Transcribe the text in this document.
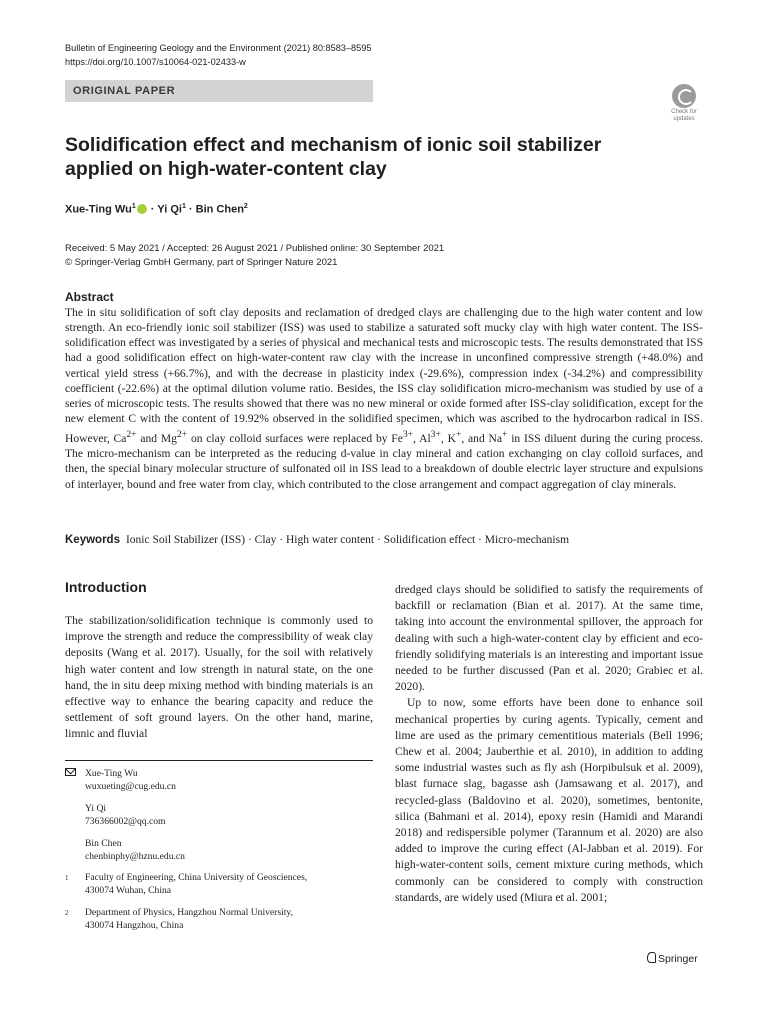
Bulletin of Engineering Geology and the Environment (2021) 80:8583–8595
https://doi.org/10.1007/s10064-021-02433-w
ORIGINAL PAPER
Check for
updates
Solidification effect and mechanism of ionic soil stabilizer applied on high-water-content clay
Xue-Ting $Wu^1 \cdot Yi$ $Qi^1$ · Bin Chen$^2$
Received: 5 May 2021 / Accepted: 26 August 2021 / Published online: 30 September 2021
© Springer-Verlag GmbH Germany, part of Springer Nature 2021
Abstract

The in situ solidification of soft clay deposits and reclamation of dredged clays are challenging due to the high water content and low strength. An eco-friendly ionic soil stabilizer (ISS) was used to stabilize a saturated soft mucky clay with high water content. The ISS-solidification effect was investigated by a series of physical and mechanical tests and microscopic tests. The results demonstrated that ISS had a good solidification effect on high-water-content raw clay with the increase in unconfined compressive strength (+48.0%) and vertical yield stress (+66.7%), and with the decrease in plasticity index (-29.6%), compression index (-34.2%) and compressibility coefficient (-22.6%) at the optimal dilution volume ratio. Besides, the ISS clay solidification micro-mechanism was studied by use of a series of microscopic tests. The results showed that there was no new mineral or oxide formed after ISS-clay solidification, except for the new element C with the content of 19.92% observed in the solidified specimen, which was ascribed to the hydrocarbon radical in ISS. However, $Ca^{2+}$ and $Mg^{2+}$ on clay colloid surfaces were replaced by $Fe^{3+}$, $Al^{3+}$, K+, and Na+ in ISS diluent during the curing process. The micro-mechanism can be interpreted as the reducing d-value in clay mineral and cation exchanging on clay colloid surfaces, and then, the special binary molecular structure of sulfonated oil in ISS lead to a breakdown of double electric layer structure and expulsions of interlayer, bound and free water from clay, which contributed to the close arrangement and compact aggregation of clay minerals.

Keywords Ionic Soil Stabilizer (ISS) · Clay · High water content · Solidification effect · Micro-mechanism
Introduction

The stabilization/solidification technique is commonly used to improve the strength and reduce the compressibility of weak clay deposits (Wang et al. 2017). Usually, for the soil with relatively high water content and low strength in natural state, on the one hand, the in situ deep mixing method with binding materials is an effective way to enhance the bearing capacity and reduce the settlement of soft ground layers. On the other hand, marine, limnic and fluvial

dredged clays should be solidified to satisfy the requirements of backfill or reclamation (Bian et al. 2017). At the same time, taking into account the environmental spillover, the approach for dealing with such a high-water-content clay by efficient and eco-friendly solidifying materials is an interesting and important issue needed to be further discussed (Pan et al. 2020; Grabiec et al. 2020).

Up to now, some efforts have been done to enhance soil mechanical properties by curing agents. Typically, cement and lime are used as the primary cementitious materials (Bell 1996; Chew et al. 2004; Jauberthie et al. 2010), in addition to adding some industrial wastes such as fly ash (Horpibulsuk et al. 2009), blast furnace slag, bagasse ash (Jamsawang et al. 2017), and recycled-glass (Baldovino et al. 2020), sometimes, bentonite, silica (Bahmani et al. 2014), epoxy resin (Hamidi and Marandi 2018) and redispersible polymer (Tarannum et al. 2020) are also added to improve the curing effect (Al-Jabban et al. 2019). For high-water-content soils, cement mixture curing methods, which commonly can be considered to comply with construction standards, are widely used (Miura et al. 2001;

Xue-Ting Wu
wuxueting@cug.edu.cn
Yi Qi
736366002@qq.com
Bin Chen
chenbinphy@hznu.edu.cn
$^1$	Faculty of Engineering, China University of Geosciences,
430074 Wuhan, China
$^2$	Department of Physics, Hangzhou Normal University,
430074 Hangzhou, China
Springer
